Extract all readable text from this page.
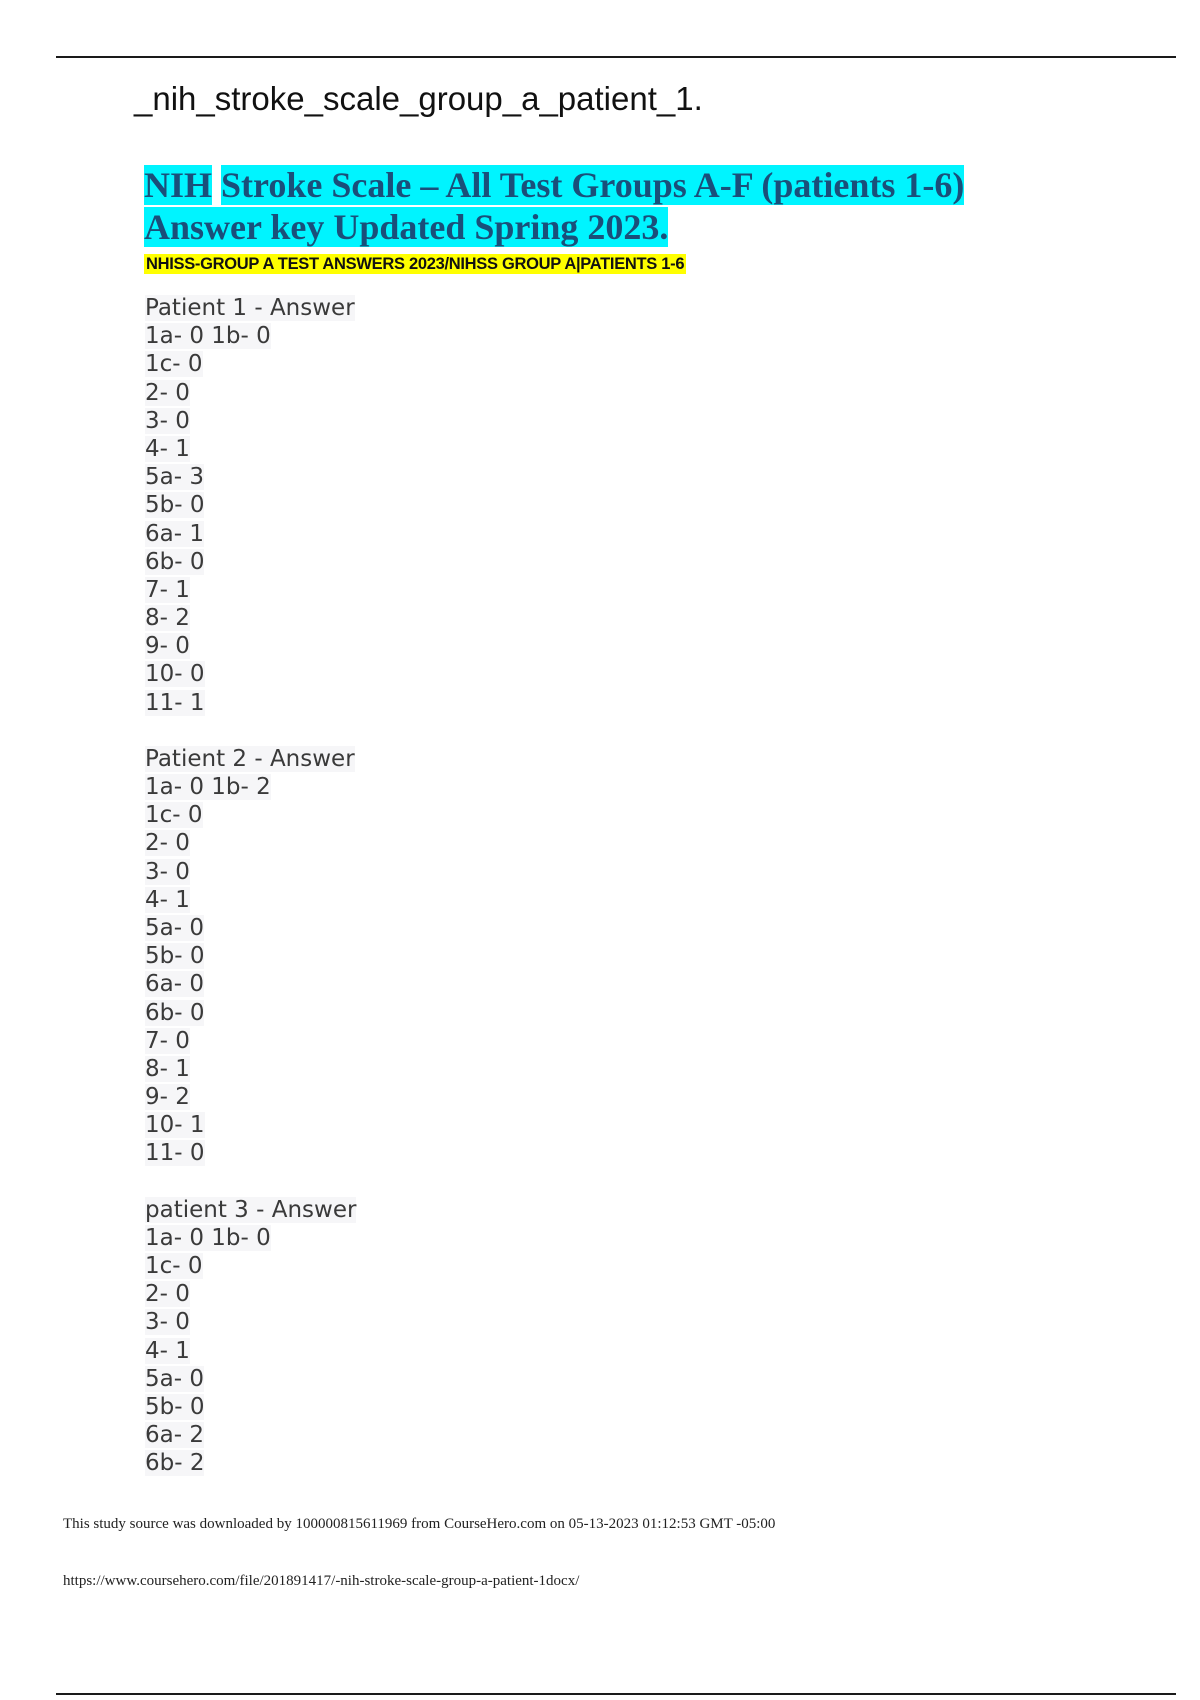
_nih_stroke_scale_group_a_patient_1.
NIH Stroke Scale – All Test Groups A-F (patients 1-6)
Answer key Updated Spring 2023.
NHISS-GROUP A TEST ANSWERS 2023/NIHSS GROUP A|PATIENTS 1-6
Patient 1 - Answer
1a- 0 1b- 0
1c- 0
2- 0
3- 0
4- 1
5a- 3
5b- 0
6a- 1
6b- 0
7- 1
8- 2
9- 0
10- 0
11- 1
Patient 2 - Answer
1a- 0 1b- 2
1c- 0
2- 0
3- 0
4- 1
5a- 0
5b- 0
6a- 0
6b- 0
7- 0
8- 1
9- 2
10- 1
11- 0
patient 3 - Answer
1a- 0 1b- 0
1c- 0
2- 0
3- 0
4- 1
5a- 0
5b- 0
6a- 2
6b- 2
This study source was downloaded by 100000815611969 from CourseHero.com on 05-13-2023 01:12:53 GMT -05:00
https://www.coursehero.com/file/201891417/-nih-stroke-scale-group-a-patient-1docx/
